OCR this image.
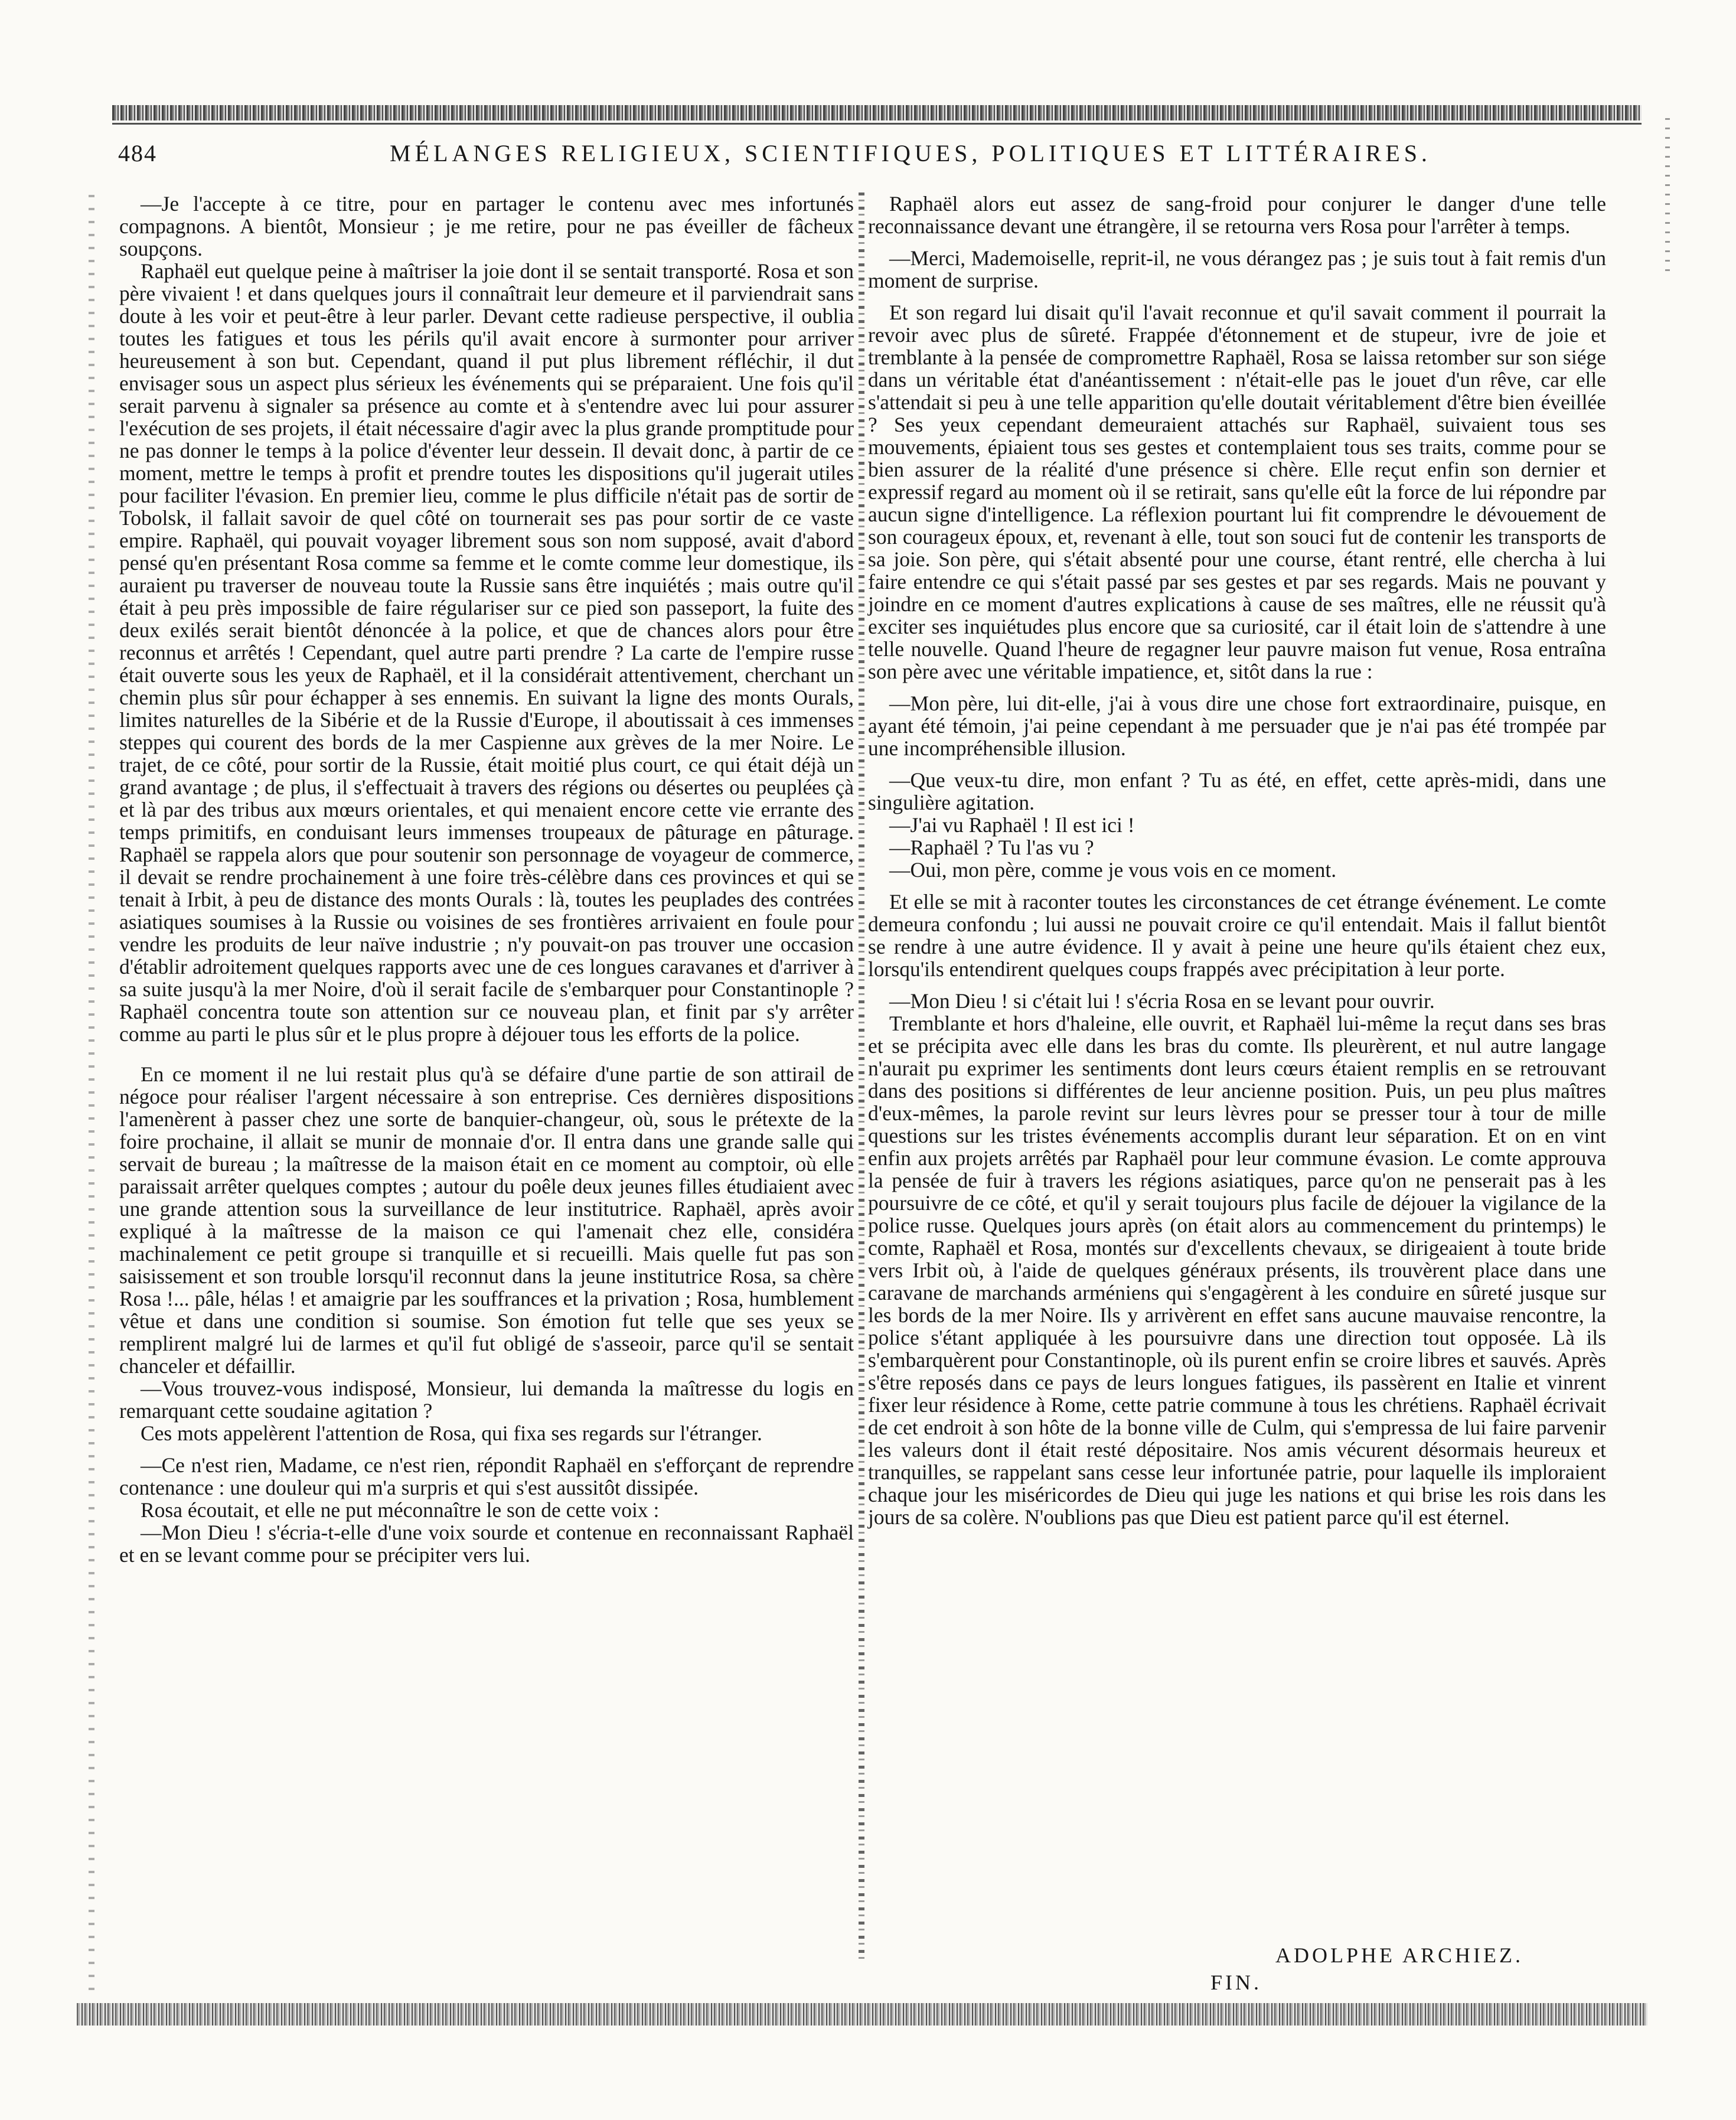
484	MÉLANGES RELIGIEUX, SCIENTIFIQUES, POLITIQUES ET LITTÉRAIRES.

—Je l'accepte à ce titre, pour en partager le contenu avec mes infortunés compagnons. A bientôt, Monsieur ; je me retire, pour ne pas éveiller de fâcheux soupçons.

Raphaël eut quelque peine à maîtriser la joie dont il se sentait transporté. Rosa et son père vivaient ! et dans quelques jours il connaîtrait leur demeure et il parviendrait sans doute à les voir et peut-être à leur parler. Devant cette radieuse perspective, il oublia toutes les fatigues et tous les périls qu'il avait encore à surmonter pour arriver heureusement à son but. Cependant, quand il put plus librement réfléchir, il dut envisager sous un aspect plus sérieux les événements qui se préparaient. Une fois qu'il serait parvenu à signaler sa présence au comte et à s'entendre avec lui pour assurer l'exécution de ses projets, il était nécessaire d'agir avec la plus grande promptitude pour ne pas donner le temps à la police d'éventer leur dessein. Il devait donc, à partir de ce moment, mettre le temps à profit et prendre toutes les dispositions qu'il jugerait utiles pour faciliter l'évasion. En premier lieu, comme le plus difficile n'était pas de sortir de Tobolsk, il fallait savoir de quel côté on tournerait ses pas pour sortir de ce vaste empire. Raphaël, qui pouvait voyager librement sous son nom supposé, avait d'abord pensé qu'en présentant Rosa comme sa femme et le comte comme leur domestique, ils auraient pu traverser de nouveau toute la Russie sans être inquiétés ; mais outre qu'il était à peu près impossible de faire régulariser sur ce pied son passeport, la fuite des deux exilés serait bientôt dénoncée à la police, et que de chances alors pour être reconnus et arrêtés ! Cependant, quel autre parti prendre ? La carte de l'empire russe était ouverte sous les yeux de Raphaël, et il la considérait attentivement, cherchant un chemin plus sûr pour échapper à ses ennemis. En suivant la ligne des monts Ourals, limites naturelles de la Sibérie et de la Russie d'Europe, il aboutissait à ces immenses steppes qui courent des bords de la mer Caspienne aux grèves de la mer Noire. Le trajet, de ce côté, pour sortir de la Russie, était moitié plus court, ce qui était déjà un grand avantage ; de plus, il s'effectuait à travers des régions ou désertes ou peuplées çà et là par des tribus aux mœurs orientales, et qui menaient encore cette vie errante des temps primitifs, en conduisant leurs immenses troupeaux de pâturage en pâturage. Raphaël se rappela alors que pour soutenir son personnage de voyageur de commerce, il devait se rendre prochainement à une foire très-célèbre dans ces provinces et qui se tenait à Irbit, à peu de distance des monts Ourals : là, toutes les peuplades des contrées asiatiques soumises à la Russie ou voisines de ses frontières arrivaient en foule pour vendre les produits de leur naïve industrie ; n'y pouvait-on pas trouver une occasion d'établir adroitement quelques rapports avec une de ces longues caravanes et d'arriver à sa suite jusqu'à la mer Noire, d'où il serait facile de s'embarquer pour Constantinople ? Raphaël concentra toute son attention sur ce nouveau plan, et finit par s'y arrêter comme au parti le plus sûr et le plus propre à déjouer tous les efforts de la police.

En ce moment il ne lui restait plus qu'à se défaire d'une partie de son attirail de négoce pour réaliser l'argent nécessaire à son entreprise. Ces dernières dispositions l'amenèrent à passer chez une sorte de banquier-changeur, où, sous le prétexte de la foire prochaine, il allait se munir de monnaie d'or. Il entra dans une grande salle qui servait de bureau ; la maîtresse de la maison était en ce moment au comptoir, où elle paraissait arrêter quelques comptes ; autour du poêle deux jeunes filles étudiaient avec une grande attention sous la surveillance de leur institutrice. Raphaël, après avoir expliqué à la maîtresse de la maison ce qui l'amenait chez elle, considéra machinalement ce petit groupe si tranquille et si recueilli. Mais quelle fut pas son saisissement et son trouble lorsqu'il reconnut dans la jeune institutrice Rosa, sa chère Rosa !... pâle, hélas ! et amaigrie par les souffrances et la privation ; Rosa, humblement vêtue et dans une condition si soumise. Son émotion fut telle que ses yeux se remplirent malgré lui de larmes et qu'il fut obligé de s'asseoir, parce qu'il se sentait chanceler et défaillir.

—Vous trouvez-vous indisposé, Monsieur, lui demanda la maîtresse du logis en remarquant cette soudaine agitation ?

Ces mots appelèrent l'attention de Rosa, qui fixa ses regards sur l'étranger.

—Ce n'est rien, Madame, ce n'est rien, répondit Raphaël en s'efforçant de reprendre contenance : une douleur qui m'a surpris et qui s'est aussitôt dissipée.

Rosa écoutait, et elle ne put méconnaître le son de cette voix :

—Mon Dieu ! s'écria-t-elle d'une voix sourde et contenue en reconnaissant Raphaël et en se levant comme pour se précipiter vers lui.

Raphaël alors eut assez de sang-froid pour conjurer le danger d'une telle reconnaissance devant une étrangère, il se retourna vers Rosa pour l'arrêter à temps.

—Merci, Mademoiselle, reprit-il, ne vous dérangez pas ; je suis tout à fait remis d'un moment de surprise.

Et son regard lui disait qu'il l'avait reconnue et qu'il savait comment il pourrait la revoir avec plus de sûreté. Frappée d'étonnement et de stupeur, ivre de joie et tremblante à la pensée de compromettre Raphaël, Rosa se laissa retomber sur son siége dans un véritable état d'anéantissement : n'était-elle pas le jouet d'un rêve, car elle s'attendait si peu à une telle apparition qu'elle doutait véritablement d'être bien éveillée ? Ses yeux cependant demeuraient attachés sur Raphaël, suivaient tous ses mouvements, épiaient tous ses gestes et contemplaient tous ses traits, comme pour se bien assurer de la réalité d'une présence si chère. Elle reçut enfin son dernier et expressif regard au moment où il se retirait, sans qu'elle eût la force de lui répondre par aucun signe d'intelligence. La réflexion pourtant lui fit comprendre le dévouement de son courageux époux, et, revenant à elle, tout son souci fut de contenir les transports de sa joie. Son père, qui s'était absenté pour une course, étant rentré, elle chercha à lui faire entendre ce qui s'était passé par ses gestes et par ses regards. Mais ne pouvant y joindre en ce moment d'autres explications à cause de ses maîtres, elle ne réussit qu'à exciter ses inquiétudes plus encore que sa curiosité, car il était loin de s'attendre à une telle nouvelle. Quand l'heure de regagner leur pauvre maison fut venue, Rosa entraîna son père avec une véritable impatience, et, sitôt dans la rue :

—Mon père, lui dit-elle, j'ai à vous dire une chose fort extraordinaire, puisque, en ayant été témoin, j'ai peine cependant à me persuader que je n'ai pas été trompée par une incompréhensible illusion.

—Que veux-tu dire, mon enfant ? Tu as été, en effet, cette après-midi, dans une singulière agitation.

—J'ai vu Raphaël ! Il est ici !

—Raphaël ? Tu l'as vu ?

—Oui, mon père, comme je vous vois en ce moment.

Et elle se mit à raconter toutes les circonstances de cet étrange événement. Le comte demeura confondu ; lui aussi ne pouvait croire ce qu'il entendait. Mais il fallut bientôt se rendre à une autre évidence. Il y avait à peine une heure qu'ils étaient chez eux, lorsqu'ils entendirent quelques coups frappés avec précipitation à leur porte.

—Mon Dieu ! si c'était lui ! s'écria Rosa en se levant pour ouvrir.

Tremblante et hors d'haleine, elle ouvrit, et Raphaël lui-même la reçut dans ses bras et se précipita avec elle dans les bras du comte. Ils pleurèrent, et nul autre langage n'aurait pu exprimer les sentiments dont leurs cœurs étaient remplis en se retrouvant dans des positions si différentes de leur ancienne position. Puis, un peu plus maîtres d'eux-mêmes, la parole revint sur leurs lèvres pour se presser tour à tour de mille questions sur les tristes événements accomplis durant leur séparation. Et on en vint enfin aux projets arrêtés par Raphaël pour leur commune évasion. Le comte approuva la pensée de fuir à travers les régions asiatiques, parce qu'on ne penserait pas à les poursuivre de ce côté, et qu'il y serait toujours plus facile de déjouer la vigilance de la police russe. Quelques jours après (on était alors au commencement du printemps) le comte, Raphaël et Rosa, montés sur d'excellents chevaux, se dirigeaient à toute bride vers Irbit où, à l'aide de quelques généraux présents, ils trouvèrent place dans une caravane de marchands arméniens qui s'engagèrent à les conduire en sûreté jusque sur les bords de la mer Noire. Ils y arrivèrent en effet sans aucune mauvaise rencontre, la police s'étant appliquée à les poursuivre dans une direction tout opposée. Là ils s'embarquèrent pour Constantinople, où ils purent enfin se croire libres et sauvés. Après s'être reposés dans ce pays de leurs longues fatigues, ils passèrent en Italie et vinrent fixer leur résidence à Rome, cette patrie commune à tous les chrétiens. Raphaël écrivait de cet endroit à son hôte de la bonne ville de Culm, qui s'empressa de lui faire parvenir les valeurs dont il était resté dépositaire. Nos amis vécurent désormais heureux et tranquilles, se rappelant sans cesse leur infortunée patrie, pour laquelle ils imploraient chaque jour les miséricordes de Dieu qui juge les nations et qui brise les rois dans les jours de sa colère. N'oublions pas que Dieu est patient parce qu'il est éternel.

ADOLPHE ARCHIEZ.
FIN.
